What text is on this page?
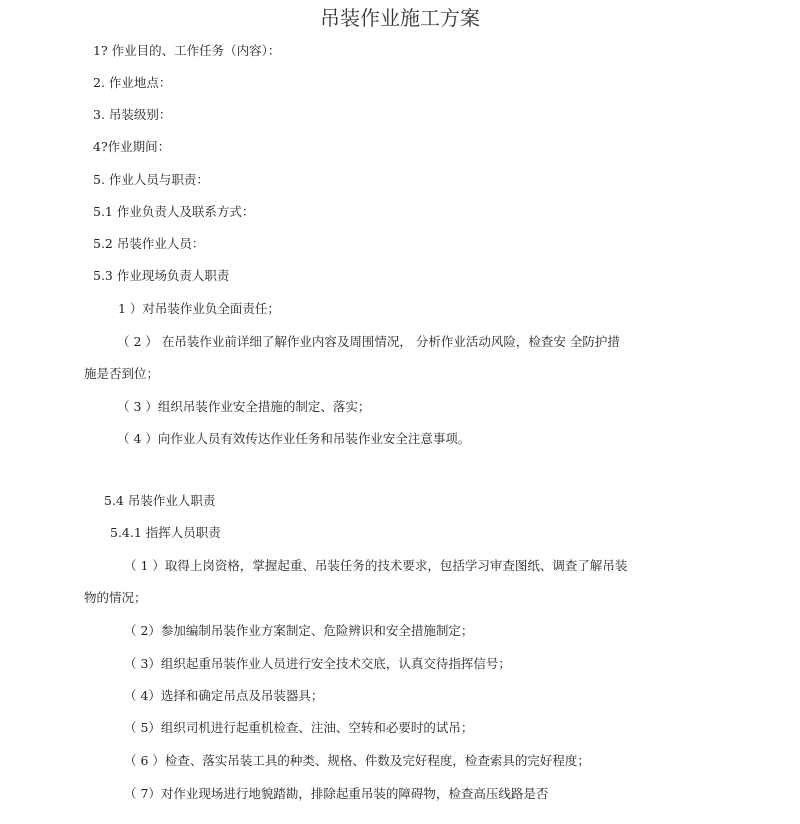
吊装作业施工方案
1? 作业目的、工作任务（内容）：
2. 作业地点：
3. 吊装级别：
4?作业期间：
5. 作业人员与职责：
5.1 作业负责人及联系方式：
5.2 吊装作业人员：
5.3 作业现场负责人职责
1 ）对吊装作业负全面责任；
（ 2 ） 在吊装作业前详细了解作业内容及周围情况， 分析作业活动风险，检查安 全防护措
施是否到位；
（ 3 ）组织吊装作业安全措施的制定、落实；
（ 4 ）向作业人员有效传达作业任务和吊装作业安全注意事项。
5.4 吊装作业人职责
5.4.1 指挥人员职责
（ 1 ）取得上岗资格，掌握起重、吊装任务的技术要求，包括学习审查图纸、调查了解吊装
物的情况；
（ 2）参加编制吊装作业方案制定、危险辨识和安全措施制定；
（ 3）组织起重吊装作业人员进行安全技术交底，认真交待指挥信号；
（ 4）选择和确定吊点及吊装器具；
（ 5）组织司机进行起重机检查、注油、空转和必要时的试吊；
（ 6 ）检查、落实吊装工具的种类、规格、件数及完好程度，检查索具的完好程度；
（ 7）对作业现场进行地貌踏勘，排除起重吊装的障碍物，检查高压线路是否
